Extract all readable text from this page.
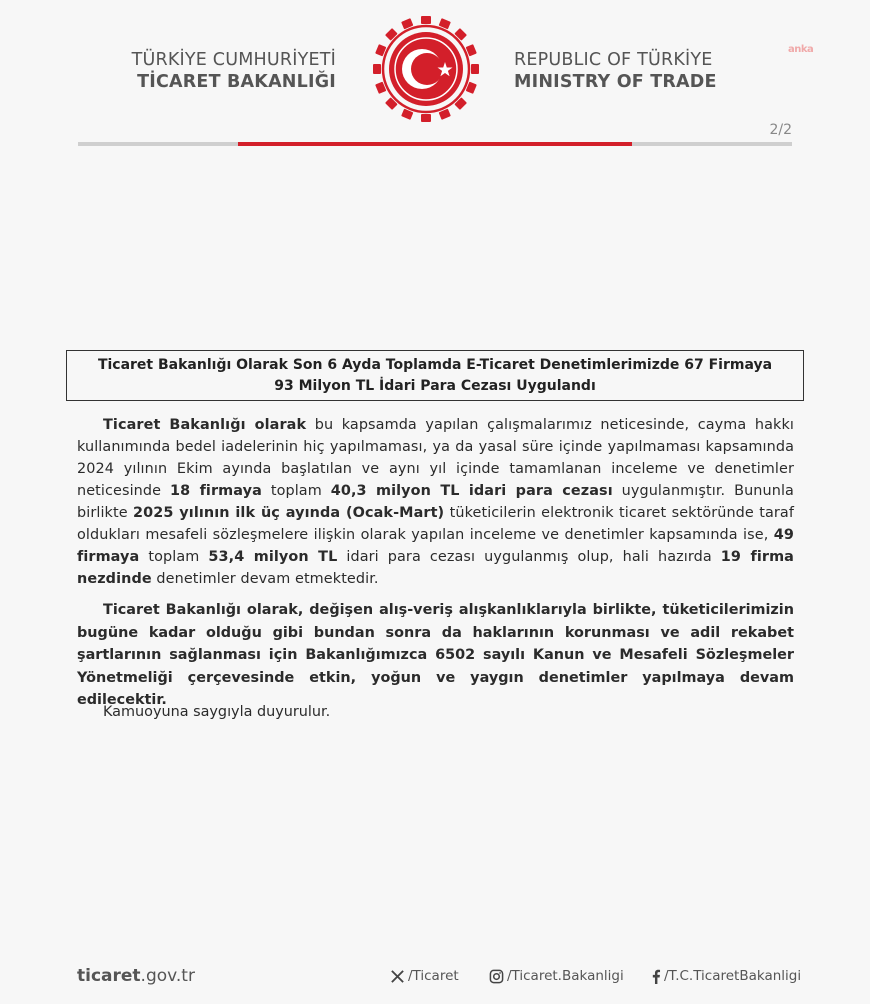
TÜRKİYE CUMHURİYETİ
TİCARET BAKANLIĞI
REPUBLIC OF TÜRKİYE
MINISTRY OF TRADE
anka
2/2
Ticaret Bakanlığı Olarak Son 6 Ayda Toplamda E-Ticaret Denetimlerimizde 67 Firmaya
93 Milyon TL İdari Para Cezası Uygulandı
Ticaret Bakanlığı olarak bu kapsamda yapılan çalışmalarımız neticesinde, cayma hakkı kullanımında bedel iadelerinin hiç yapılmaması, ya da yasal süre içinde yapılmaması kapsamında 2024 yılının Ekim ayında başlatılan ve aynı yıl içinde tamamlanan inceleme ve denetimler neticesinde 18 firmaya toplam 40,3 milyon TL idari para cezası uygulanmıştır. Bununla birlikte 2025 yılının ilk üç ayında (Ocak-Mart) tüketicilerin elektronik ticaret sektöründe taraf oldukları mesafeli sözleşmelere ilişkin olarak yapılan inceleme ve denetimler kapsamında ise, 49 firmaya toplam 53,4 milyon TL idari para cezası uygulanmış olup, hali hazırda 19 firma nezdinde denetimler devam etmektedir.
Ticaret Bakanlığı olarak, değişen alış-veriş alışkanlıklarıyla birlikte, tüketicilerimizin bugüne kadar olduğu gibi bundan sonra da haklarının korunması ve adil rekabet şartlarının sağlanması için Bakanlığımızca 6502 sayılı Kanun ve Mesafeli Sözleşmeler Yönetmeliği çerçevesinde etkin, yoğun ve yaygın denetimler yapılmaya devam edilecektir.
Kamuoyuna saygıyla duyurulur.
ticaret.gov.tr	/Ticaret	/Ticaret.Bakanligi	/T.C.TicaretBakanligi
